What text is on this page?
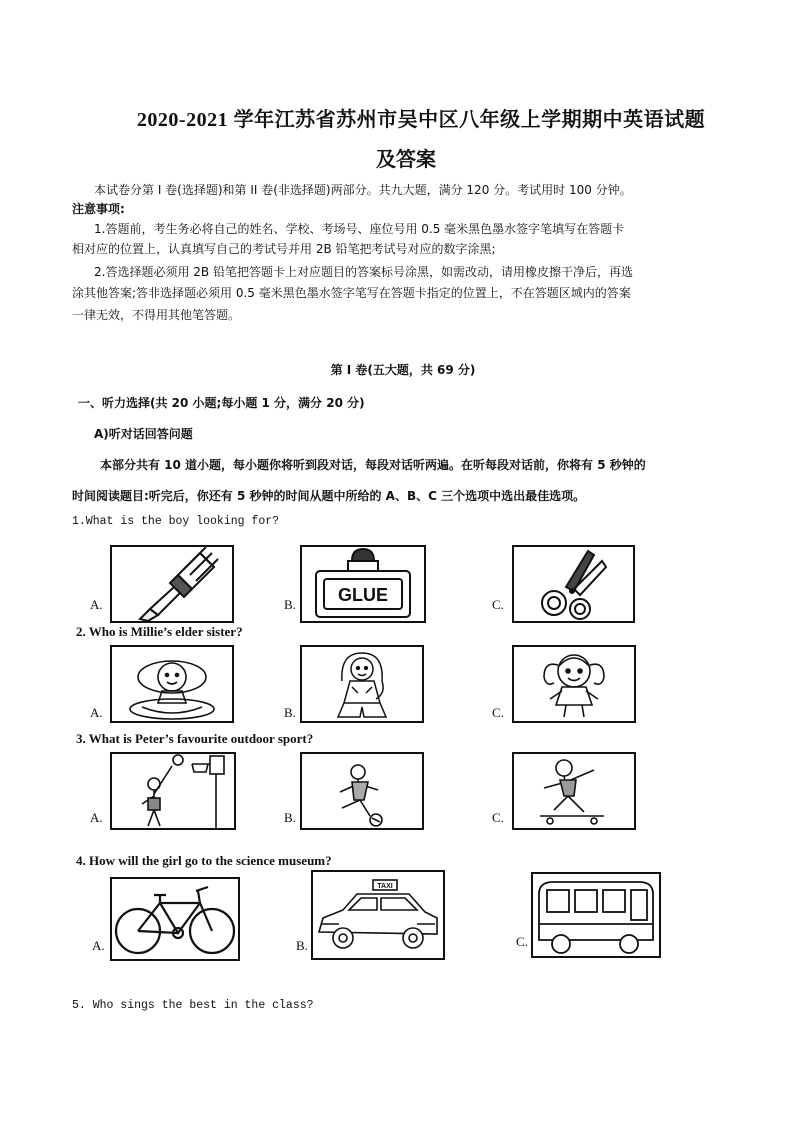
2020-2021 学年江苏省苏州市吴中区八年级上学期期中英语试题
及答案
本试卷分第 I 卷(选择题)和第 II 卷(非选择题)两部分。共九大题，满分 120 分。考试用时 100 分钟。
注意事项:
1.答题前，考生务必将自己的姓名、学校、考场号、座位号用 0.5 毫米黑色墨水签字笔填写在答题卡
相对应的位置上，认真填写自己的考试号并用 2B 铅笔把考试号对应的数字涂黑;
2.答选择题必须用 2B 铅笔把答题卡上对应题目的答案标号涂黑，如需改动，请用橡皮擦干净后，再选
涂其他答案;答非选择题必须用 0.5 毫米黑色墨水签字笔写在答题卡指定的位置上，不在答题区域内的答案
一律无效，不得用其他笔答题。
第 I 卷(五大题，共 69 分)
一、听力选择(共 20 小题;每小题 1 分，满分 20 分)
A)听对话回答问题
本部分共有 10 道小题，每小题你将听到段对话，每段对话听两遍。在听每段对话前，你将有 5 秒钟的
时间阅读题目:听完后，你还有 5 秒钟的时间从题中所给的 A、B、C 三个选项中选出最佳选项。
1.What is the boy looking for?
A.	B. GLUE	C.
2. Who is Millie’s elder sister?
A.	B.	C.
3. What is Peter’s favourite outdoor sport?
A.	B.	C.
4. How will the girl go to the science museum?
A.	B.
TAXI
C.
5. Who sings the best in the class?
